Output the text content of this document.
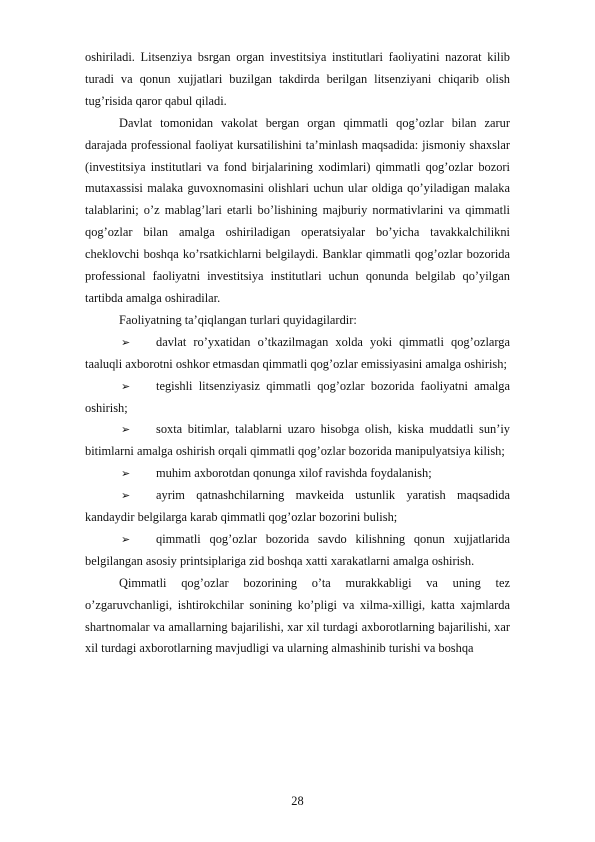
oshiriladi. Litsenziya bsrgan organ investitsiya institutlari faoliyatini nazorat kilib turadi va qonun xujjatlari buzilgan takdirda berilgan litsenziyani chiqarib olish tug’risida qaror qabul qiladi.

Davlat tomonidan vakolat bergan organ qimmatli qog’ozlar bilan zarur darajada professional faoliyat kursatilishini ta’minlash maqsadida: jismoniy shaxslar (investitsiya institutlari va fond birjalarining xodimlari) qimmatli qog’ozlar bozori mutaxassisi malaka guvoxnomasini olishlari uchun ular oldiga qo’yiladigan malaka talablarini; o’z mablag’lari etarli bo’lishining majburiy normativlarini va qimmatli qog’ozlar bilan amalga oshiriladigan operatsiyalar bo’yicha tavakkalchilikni cheklovchi boshqa ko’rsatkichlarni belgilaydi. Banklar qimmatli qog’ozlar bozorida professional faoliyatni investitsiya institutlari uchun qonunda belgilab qo’yilgan tartibda amalga oshiradilar.

Faoliyatning ta’qiqlangan turlari quyidagilardir:

➢ davlat ro’yxatidan o’tkazilmagan xolda yoki qimmatli qog’ozlarga taaluqli axborotni oshkor etmasdan qimmatli qog’ozlar emissiyasini amalga oshirish;
➢ tegishli litsenziyasiz qimmatli qog’ozlar bozorida faoliyatni amalga oshirish;
➢ soxta bitimlar, talablarni uzaro hisobga olish, kiska muddatli sun’iy bitimlarni amalga oshirish orqali qimmatli qog’ozlar bozorida manipulyatsiya kilish;
➢ muhim axborotdan qonunga xilof ravishda foydalanish;
➢ ayrim qatnashchilarning mavkeida ustunlik yaratish maqsadida kandaydir belgilarga karab qimmatli qog’ozlar bozorini bulish;
➢ qimmatli qog’ozlar bozorida savdo kilishning qonun xujjatlarida belgilangan asosiy printsiplariga zid boshqa xatti xarakatlarni amalga oshirish.

Qimmatli qog’ozlar bozorining o’ta murakkabligi va uning tez o’zgaruvchanligi, ishtirokchilar sonining ko’pligi va xilma-xilligi, katta xajmlarda shartnomalar va amallarning bajarilishi, xar xil turdagi axborotlarning bajarilishi, xar xil turdagi axborotlarning mavjudligi va ularning almashinib turishi va boshqa

28
